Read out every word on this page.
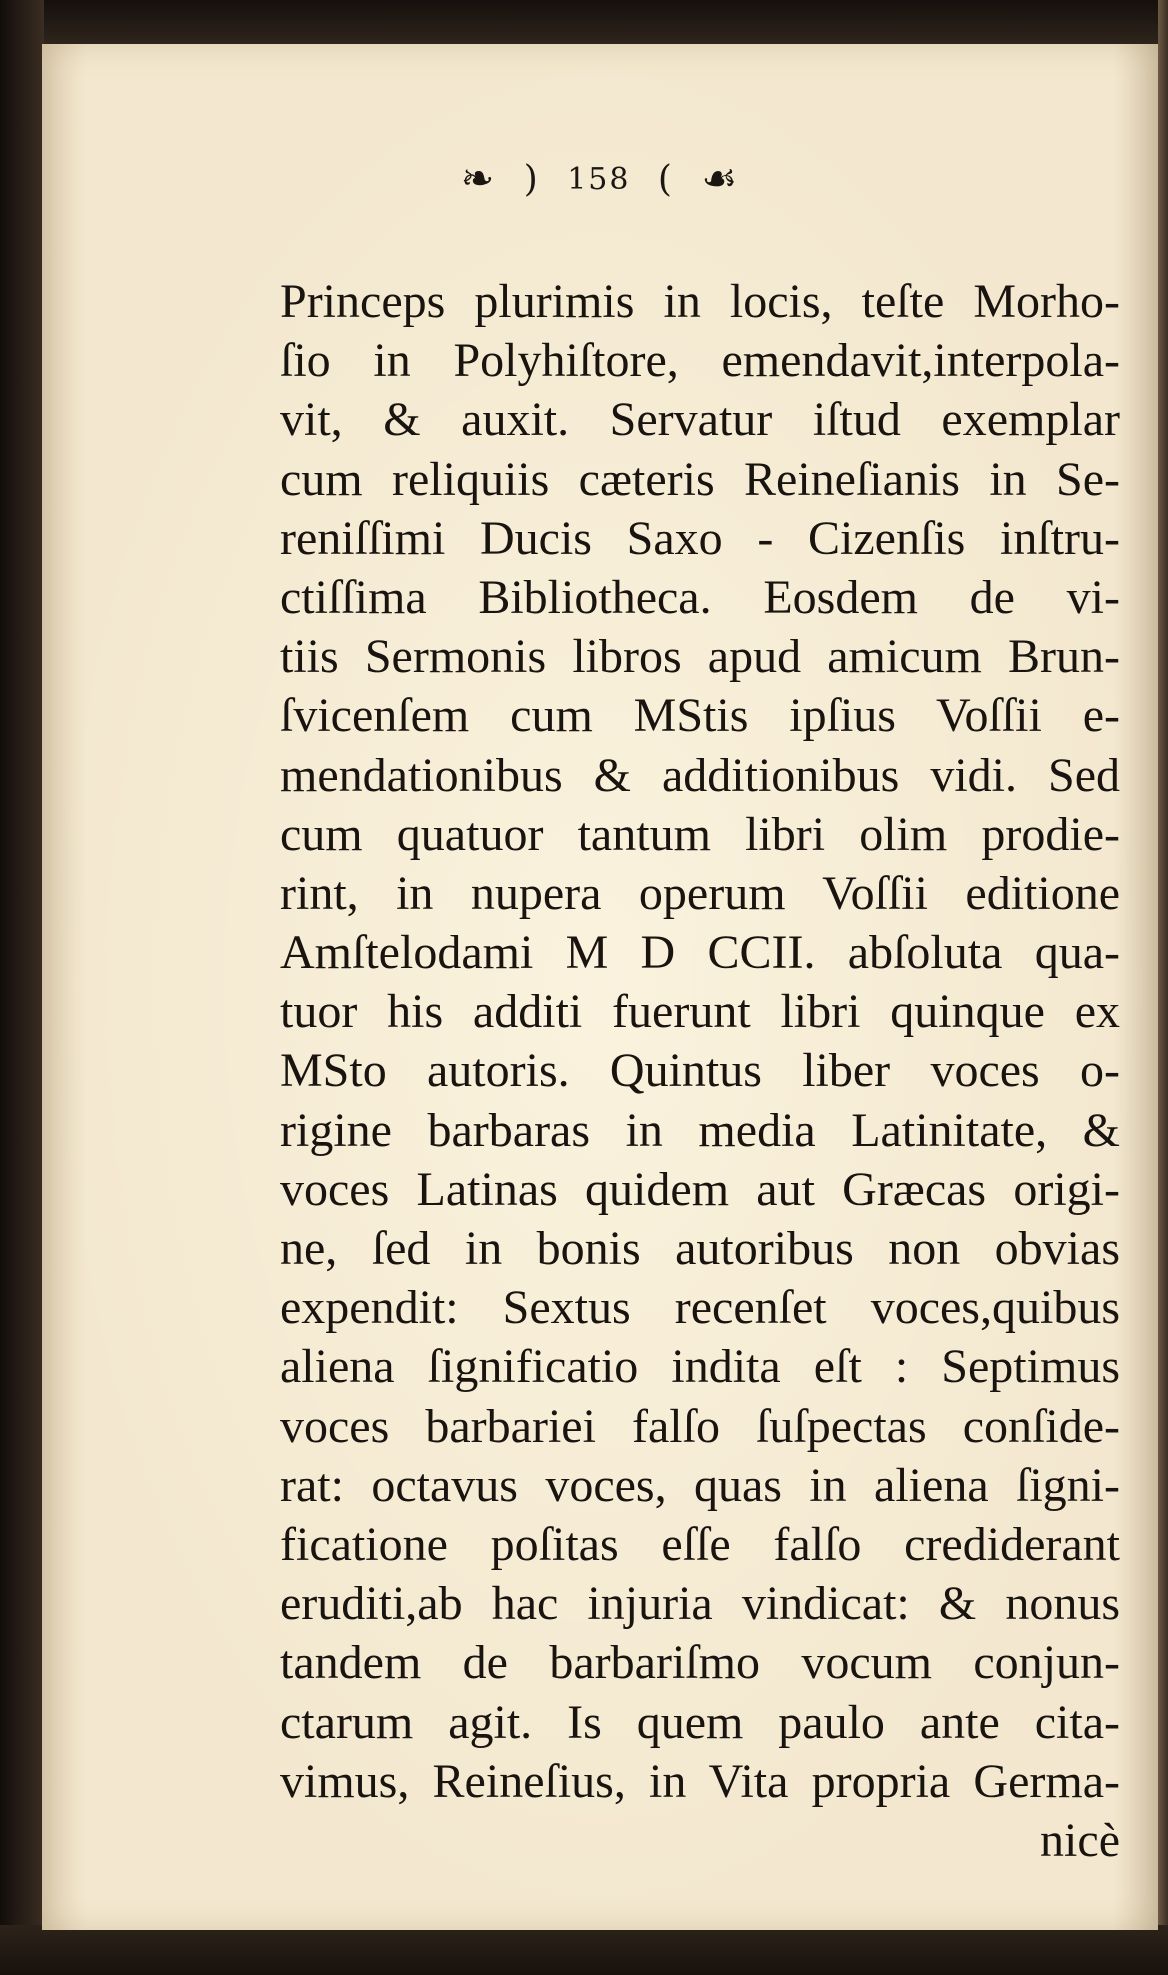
❧ ) 158 ( ☙
Princeps plurimis in locis, teſte Morho-
ſio in Polyhiſtore, emendavit,interpola-
vit, & auxit. Servatur iſtud exemplar
cum reliquiis cæteris Reineſianis in Se-
reniſſimi Ducis Saxo - Cizenſis inſtru-
ctiſſima Bibliotheca. Eosdem de vi-
tiis Sermonis libros apud amicum Brun-
ſvicenſem cum MStis ipſius Voſſii e-
mendationibus & additionibus vidi. Sed
cum quatuor tantum libri olim prodie-
rint, in nupera operum Voſſii editione
Amſtelodami M D CCII. abſoluta qua-
tuor his additi fuerunt libri quinque ex
MSto autoris. Quintus liber voces o-
rigine barbaras in media Latinitate, &
voces Latinas quidem aut Græcas origi-
ne, ſed in bonis autoribus non obvias
expendit: Sextus recenſet voces,quibus
aliena ſignificatio indita eſt : Septimus
voces barbariei falſo ſuſpectas conſide-
rat: octavus voces, quas in aliena ſigni-
ficatione poſitas eſſe falſo crediderant
eruditi,ab hac injuria vindicat: & nonus
tandem de barbariſmo vocum conjun-
ctarum agit. Is quem paulo ante cita-
vimus, Reineſius, in Vita propria Germa-
nicè
